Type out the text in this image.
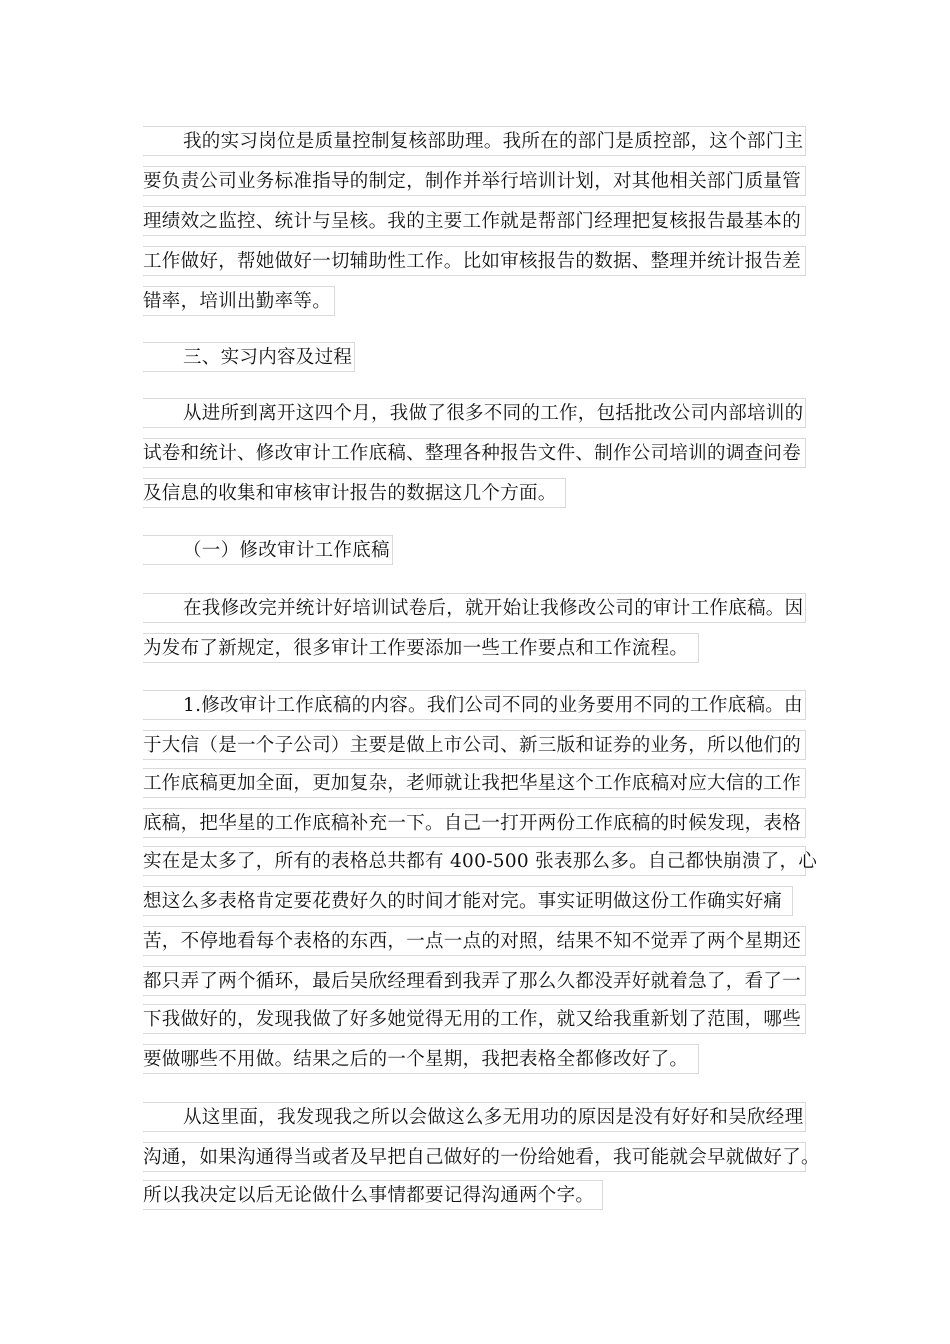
我的实习岗位是质量控制复核部助理。我所在的部门是质控部，这个部门主
要负责公司业务标准指导的制定，制作并举行培训计划，对其他相关部门质量管
理绩效之监控、统计与呈核。我的主要工作就是帮部门经理把复核报告最基本的
工作做好，帮她做好一切辅助性工作。比如审核报告的数据、整理并统计报告差
错率，培训出勤率等。
三、实习内容及过程
从进所到离开这四个月，我做了很多不同的工作，包括批改公司内部培训的
试卷和统计、修改审计工作底稿、整理各种报告文件、制作公司培训的调查问卷
及信息的收集和审核审计报告的数据这几个方面。
（一）修改审计工作底稿
在我修改完并统计好培训试卷后，就开始让我修改公司的审计工作底稿。因
为发布了新规定，很多审计工作要添加一些工作要点和工作流程。
1.修改审计工作底稿的内容。我们公司不同的业务要用不同的工作底稿。由
于大信（是一个子公司）主要是做上市公司、新三版和证券的业务，所以他们的
工作底稿更加全面，更加复杂，老师就让我把华星这个工作底稿对应大信的工作
底稿，把华星的工作底稿补充一下。自己一打开两份工作底稿的时候发现，表格
实在是太多了，所有的表格总共都有 400-500 张表那么多。自己都快崩溃了，心
想这么多表格肯定要花费好久的时间才能对完。事实证明做这份工作确实好痛
苦，不停地看每个表格的东西，一点一点的对照，结果不知不觉弄了两个星期还
都只弄了两个循环，最后吴欣经理看到我弄了那么久都没弄好就着急了，看了一
下我做好的，发现我做了好多她觉得无用的工作，就又给我重新划了范围，哪些
要做哪些不用做。结果之后的一个星期，我把表格全都修改好了。
从这里面，我发现我之所以会做这么多无用功的原因是没有好好和吴欣经理
沟通，如果沟通得当或者及早把自己做好的一份给她看，我可能就会早就做好了。
所以我决定以后无论做什么事情都要记得沟通两个字。
